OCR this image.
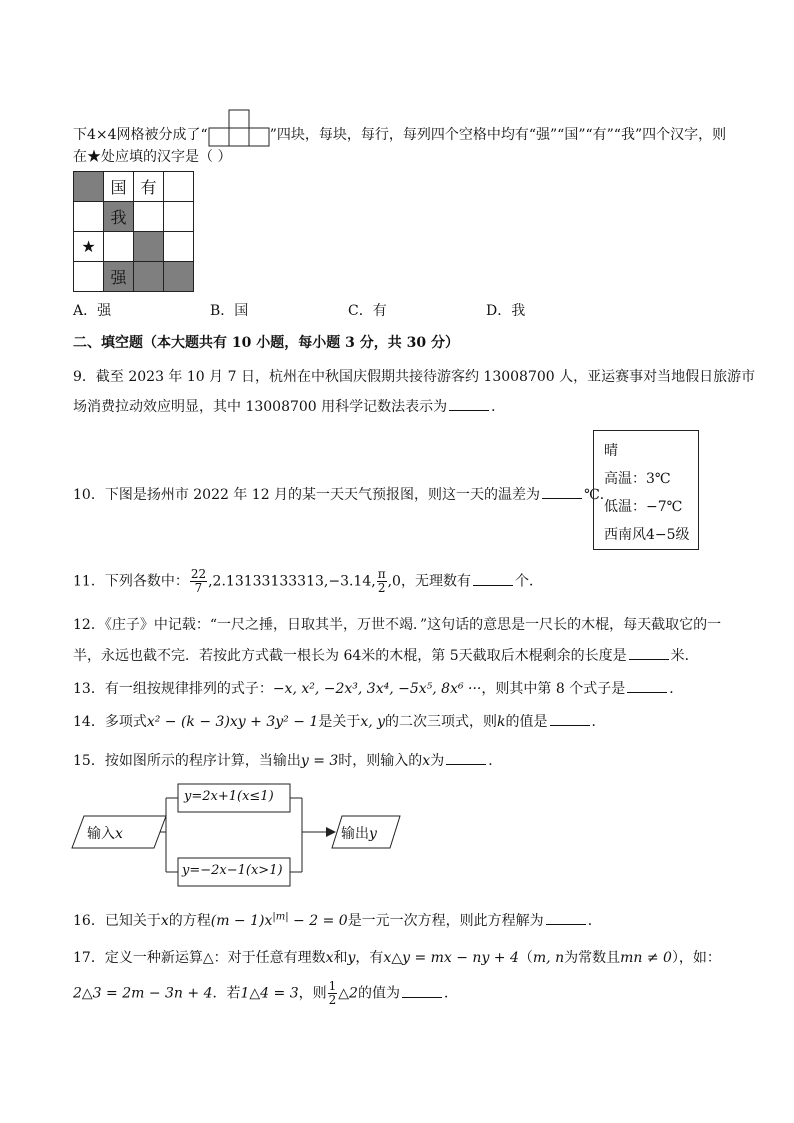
下4×4网格被分成了“	”四块，每块，每行，每列四个空格中均有“强”“国”“有”“我”四个汉字，则
在★处应填的汉字是（ ）
	国	有	
	我		
★			
	强		
A．强	B．国	C．有	D．我
二、填空题（本大题共有 10 小题，每小题 3 分，共 30 分）
9．截至 2023 年 10 月 7 日，杭州在中秋国庆假期共接待游客约 13008700 人，亚运赛事对当地假日旅游市
场消费拉动效应明显，其中 13008700 用科学记数法表示为	．
10．下图是扬州市 2022 年 12 月的某一天天气预报图，则这一天的温差为	℃．
晴
高温：3℃
低温：−7℃
西南风4−5级
11．下列各数中： $\frac{22}{7} ,2.13133133313,-3.14$, $\frac{\pi}{2} ,0$，无理数有	个．
12．《庄子》中记载：“一尺之捶，日取其半，万世不竭．”这句话的意思是一尺长的木棍，每天截取它的一
半，永远也截不完．若按此方式截一根长为 64米的木棍，第 5天截取后木棍剩余的长度是	米．
13．有一组按规律排列的式子：−x, x², −2x³, 3x⁴, −5x⁵, 8x⁶ ···，则其中第 8 个式子是	．
14．多项式x² − (k − 3)xy + 3y² − 1是关于x, y的二次三项式，则k的值是	．
15．按如图所示的程序计算，当输出y = 3时，则输入的x为	．
输入x
y=2x+1(x≤1)
y=−2x−1(x>1)
输出y
16．已知关于x的方程$(m - 1)x^{|m|} - 2 = 0$是一元一次方程，则此方程解为	．
17．定义一种新运算△：对于任意有理数x和y，有x△y = mx − ny + 4（m, n为常数且mn ≠ 0），如：
2△3 = 2m − 3n + 4．若1△4 = 3，则 $\frac{1}{2}$ △2的值为	．
